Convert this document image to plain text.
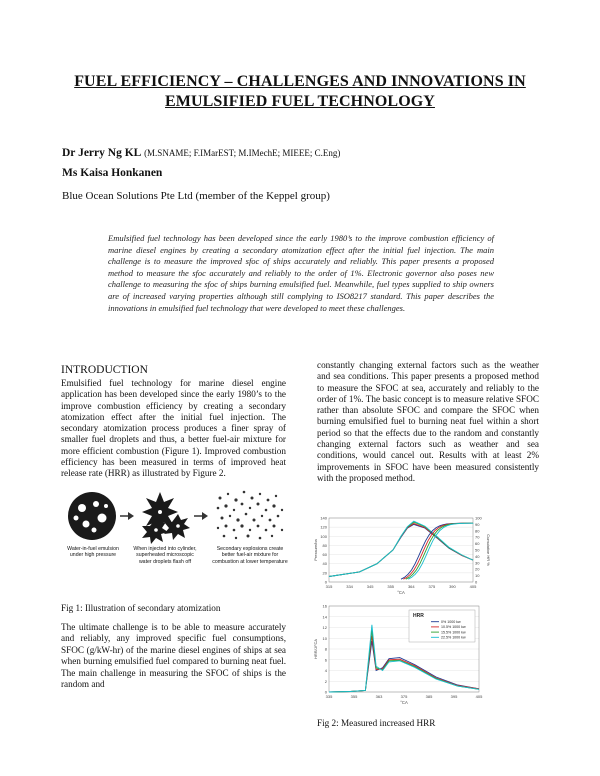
FUEL EFFICIENCY – CHALLENGES AND INNOVATIONS IN EMULSIFIED FUEL TECHNOLOGY
Dr Jerry Ng KL (M.SNAME; F.IMarEST; M.IMechE; MIEEE; C.Eng)
Ms Kaisa Honkanen
Blue Ocean Solutions Pte Ltd (member of the Keppel group)
Emulsified fuel technology has been developed since the early 1980’s to the improve combustion efficiency of marine diesel engines by creating a secondary atomization effect after the initial fuel injection. The main challenge is to measure the improved sfoc of ships accurately and reliably. This paper presents a proposed method to measure the sfoc accurately and reliably to the order of 1%. Electronic governor also poses new challenge to measuring the sfoc of ships burning emulsified fuel. Meanwhile, fuel types supplied to ship owners are of increased varying properties although still complying to ISO8217 standard. This paper describes the innovations in emulsified fuel technology that were developed to meet these challenges.
INTRODUCTION

Emulsified fuel technology for marine diesel engine application has been developed since the early 1980’s to the improve combustion efficiency by creating a secondary atomization effect after the initial fuel injection. The secondary atomization process produces a finer spray of smaller fuel droplets and thus, a better fuel-air mixture for more efficient combustion (Figure 1). Improved combustion efficiency has been measured in terms of improved heat release rate (HRR) as illustrated by Figure 2.

Water-in-fuel emulsion under high pressure
When injected into cylinder, superheated microscopic water droplets flash off
Secondary explosions create better fuel-air mixture for combustion at lower temperature
Fig 1: Illustration of secondary atomization
The ultimate challenge is to be able to measure accurately and reliably, any improved specific fuel consumptions, SFOC (g/kW-hr) of the marine diesel engines of ships at sea when burning emulsified fuel compared to burning neat fuel. The main challenge in measuring the SFOC of ships is the random and

constantly changing external factors such as the weather and sea conditions. This paper presents a proposed method to measure the SFOC at sea, accurately and reliably to the order of 1%. The basic concept is to measure relative SFOC rather than absolute SFOC and compare the SFOC when burning emulsified fuel to burning neat fuel within a short period so that the effects due to the random and constantly changing external factors such as weather and sea conditions, would cancel out. Results with at least 2% improvements in SFOC have been measured consistently with the proposed method.

0
20
40
60
80
100
120
140
315	334	345	355	364	375	390	405
0
10
20
30
40
50
60
70
80
90
100
Cumulative HR %
Pressure/ba
°CA
0
2
4
6
8
10
12
14
16
335	355	363	375	385	395	405
HRR/J/°CA
°CA
HRR
0% 1000 kw
10.5% 1000 kw
15.5% 1000 kw
22.5% 1000 kw
Fig 2: Measured increased HRR
